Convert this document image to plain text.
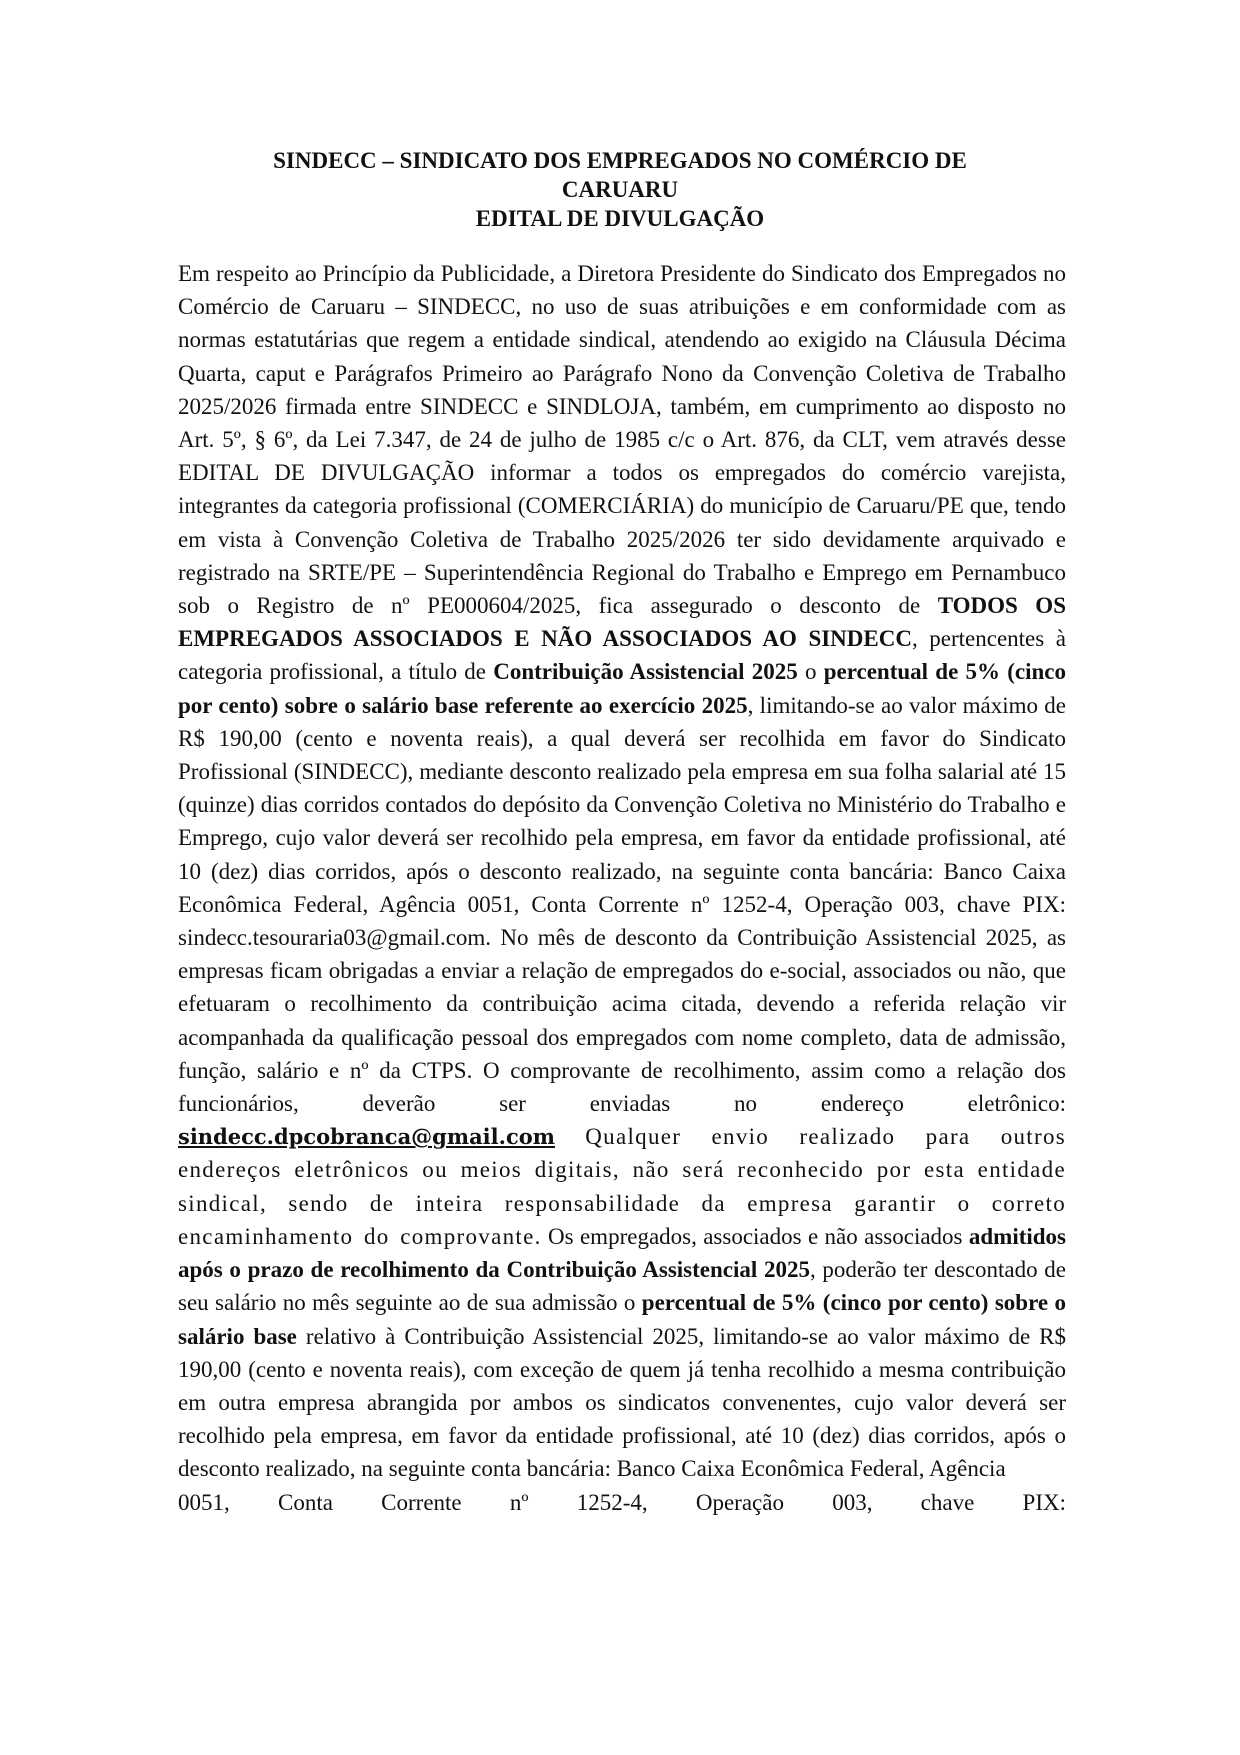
SINDECC – SINDICATO DOS EMPREGADOS NO COMÉRCIO DE
CARUARU
EDITAL DE DIVULGAÇÃO

Em respeito ao Princípio da Publicidade, a Diretora Presidente do Sindicato dos Empregados no Comércio de Caruaru – SINDECC, no uso de suas atribuições e em conformidade com as normas estatutárias que regem a entidade sindical, atendendo ao exigido na Cláusula Décima Quarta, caput e Parágrafos Primeiro ao Parágrafo Nono da Convenção Coletiva de Trabalho 2025/2026 firmada entre SINDECC e SINDLOJA, também, em cumprimento ao disposto no Art. 5º, § 6º, da Lei 7.347, de 24 de julho de 1985 c/c o Art. 876, da CLT, vem através desse EDITAL DE DIVULGAÇÃO informar a todos os empregados do comércio varejista, integrantes da categoria profissional (COMERCIÁRIA) do município de Caruaru/PE que, tendo em vista à Convenção Coletiva de Trabalho 2025/2026 ter sido devidamente arquivado e registrado na SRTE/PE – Superintendência Regional do Trabalho e Emprego em Pernambuco sob o Registro de nº PE000604/2025, fica assegurado o desconto de TODOS OS EMPREGADOS ASSOCIADOS E NÃO ASSOCIADOS AO SINDECC, pertencentes à categoria profissional, a título de Contribuição Assistencial 2025 o percentual de 5% (cinco por cento) sobre o salário base referente ao exercício 2025, limitando-se ao valor máximo de R$ 190,00 (cento e noventa reais), a qual deverá ser recolhida em favor do Sindicato Profissional (SINDECC), mediante desconto realizado pela empresa em sua folha salarial até 15 (quinze) dias corridos contados do depósito da Convenção Coletiva no Ministério do Trabalho e Emprego, cujo valor deverá ser recolhido pela empresa, em favor da entidade profissional, até 10 (dez) dias corridos, após o desconto realizado, na seguinte conta bancária: Banco Caixa Econômica Federal, Agência 0051, Conta Corrente nº 1252-4, Operação 003, chave PIX: sindecc.tesouraria03@gmail.com. No mês de desconto da Contribuição Assistencial 2025, as empresas ficam obrigadas a enviar a relação de empregados do e-social, associados ou não, que efetuaram o recolhimento da contribuição acima citada, devendo a referida relação vir acompanhada da qualificação pessoal dos empregados com nome completo, data de admissão, função, salário e nº da CTPS. O comprovante de recolhimento, assim como a relação dos funcionários, deverão ser enviadas no endereço eletrônico: sindecc.dpcobranca@gmail.com Qualquer envio realizado para outros endereços eletrônicos ou meios digitais, não será reconhecido por esta entidade sindical, sendo de inteira responsabilidade da empresa garantir o correto encaminhamento do comprovante. Os empregados, associados e não associados admitidos após o prazo de recolhimento da Contribuição Assistencial 2025, poderão ter descontado de seu salário no mês seguinte ao de sua admissão o percentual de 5% (cinco por cento) sobre o salário base relativo à Contribuição Assistencial 2025, limitando-se ao valor máximo de R$ 190,00 (cento e noventa reais), com exceção de quem já tenha recolhido a mesma contribuição em outra empresa abrangida por ambos os sindicatos convenentes, cujo valor deverá ser recolhido pela empresa, em favor da entidade profissional, até 10 (dez) dias corridos, após o desconto realizado, na seguinte conta bancária: Banco Caixa Econômica Federal, Agência
0051, Conta Corrente nº 1252-4, Operação 003, chave PIX:
